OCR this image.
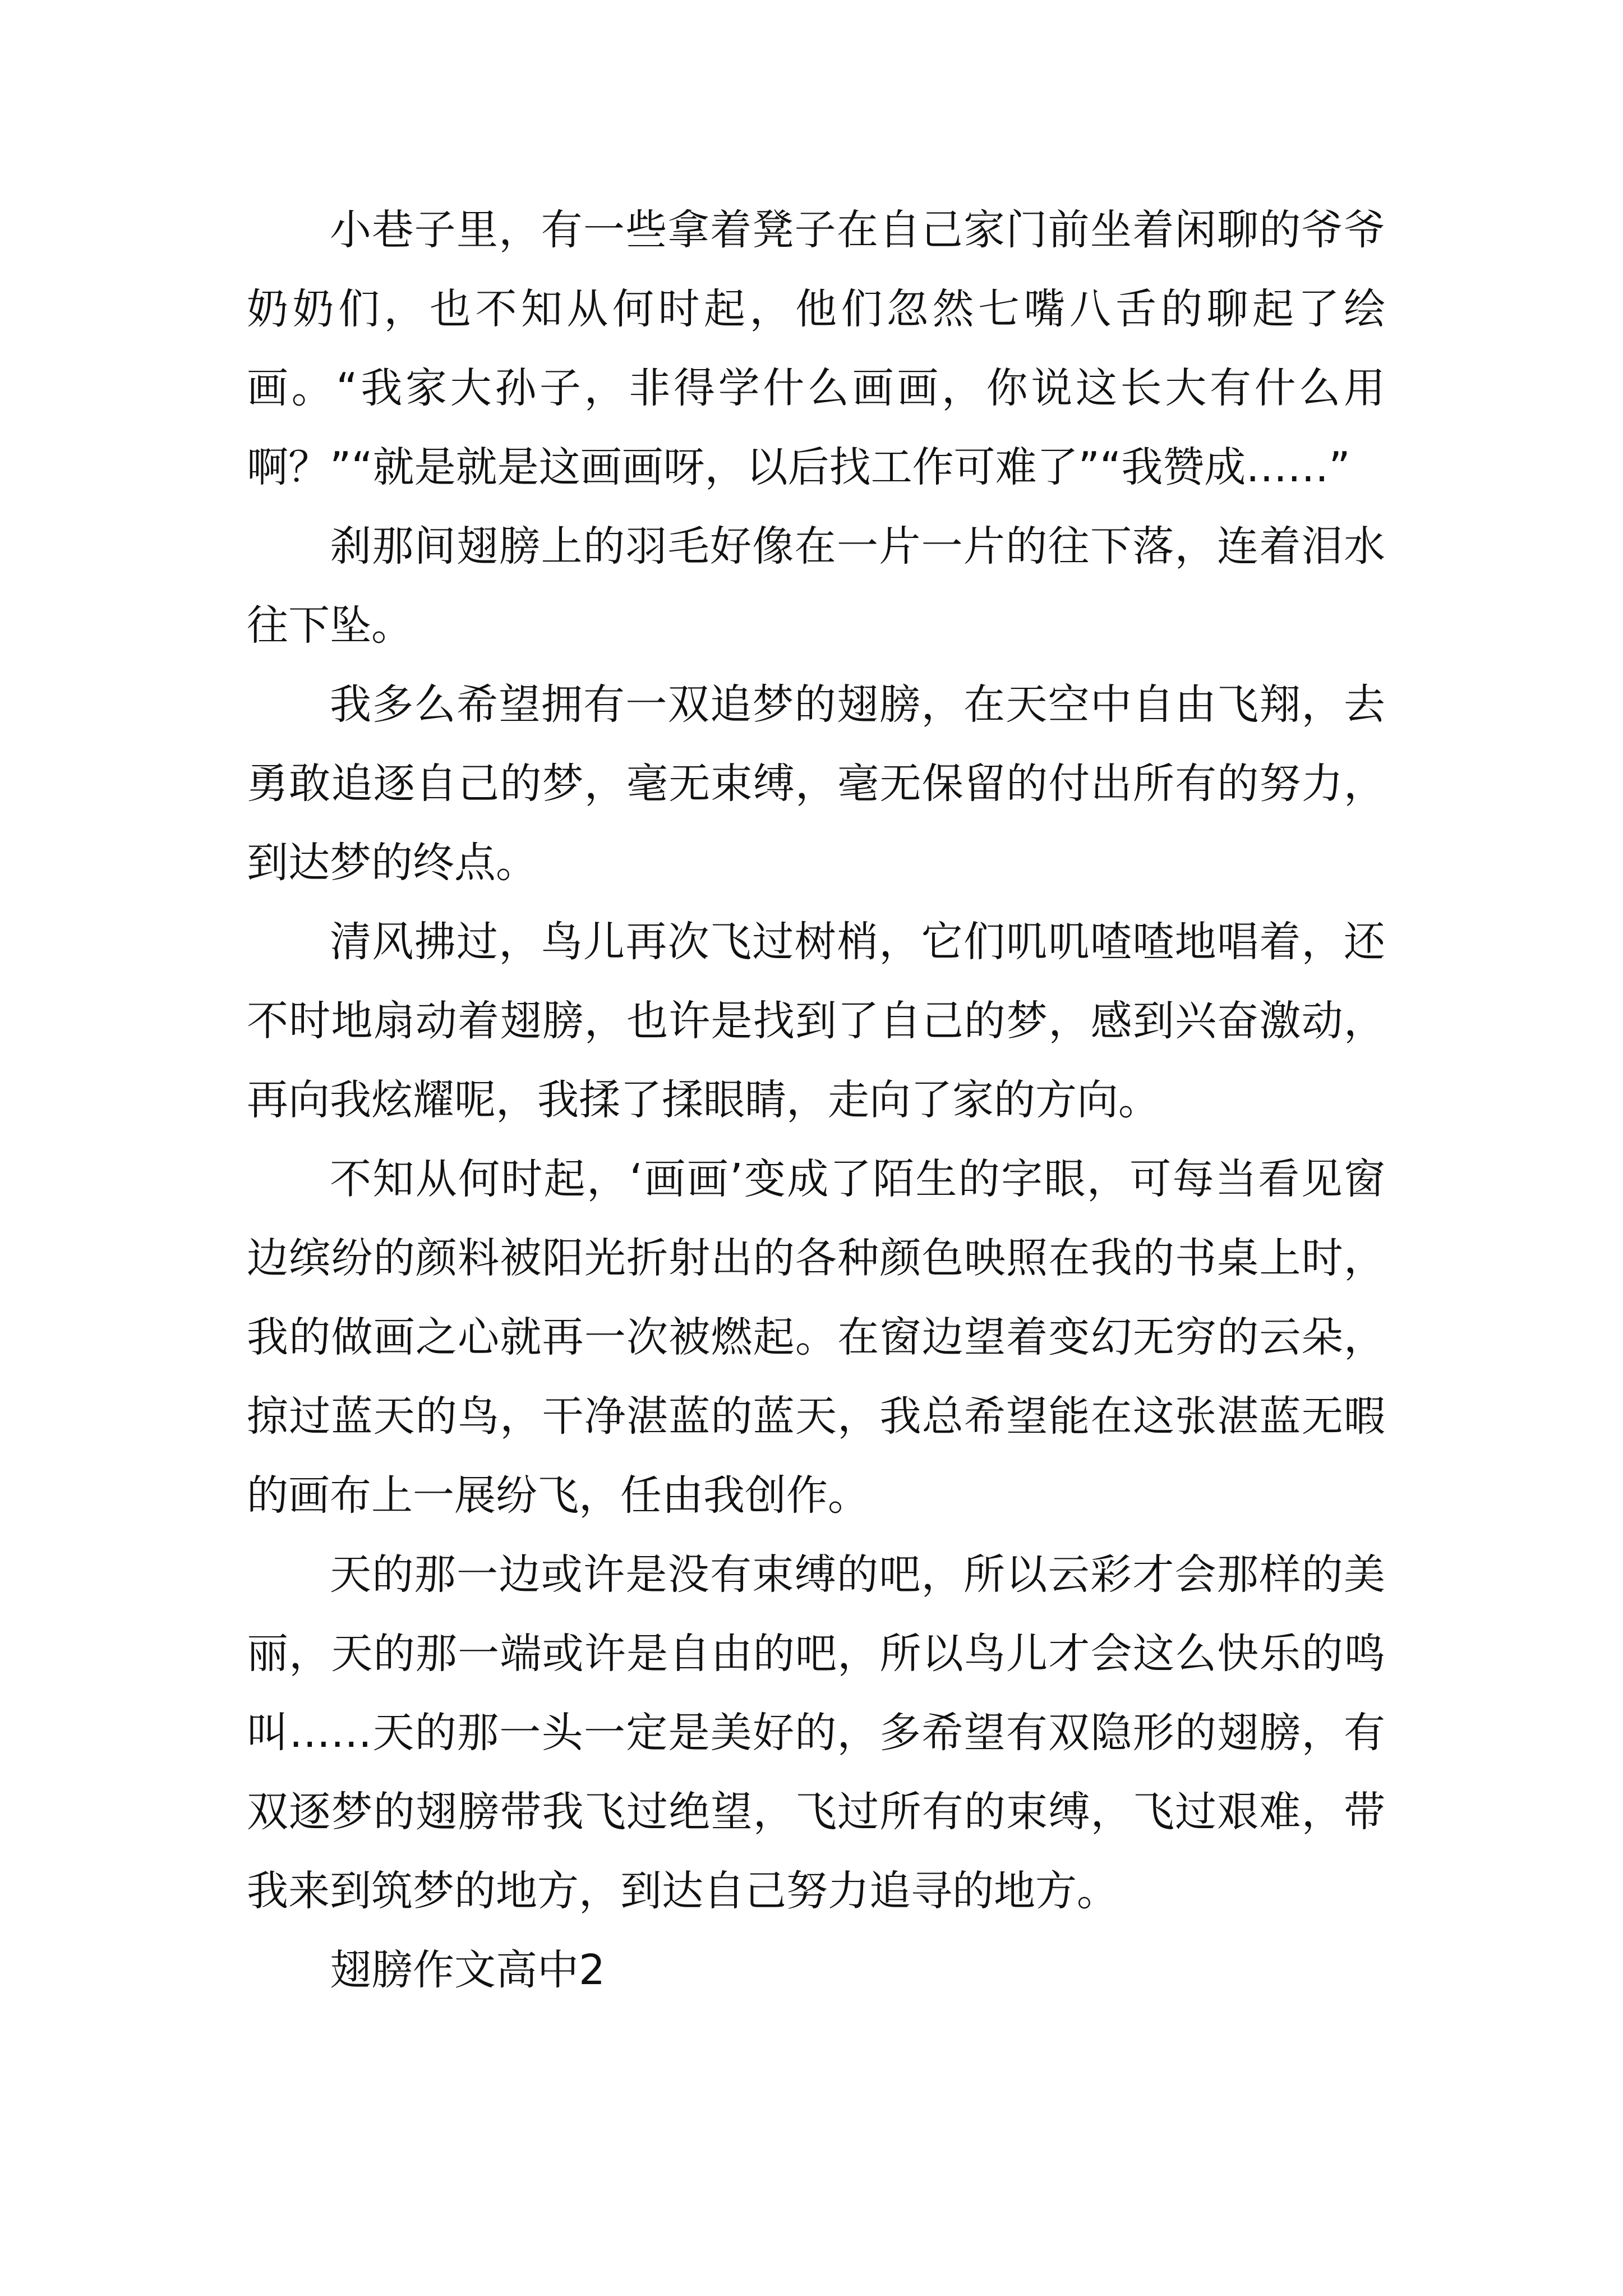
小巷子里，有一些拿着凳子在自己家门前坐着闲聊的爷爷奶奶们，也不知从何时起，他们忽然七嘴八舌的聊起了绘画。“我家大孙子，非得学什么画画，你说这长大有什么用啊？”“就是就是这画画呀，以后找工作可难了”“我赞成……”

刹那间翅膀上的羽毛好像在一片一片的往下落，连着泪水往下坠。

我多么希望拥有一双追梦的翅膀，在天空中自由飞翔，去勇敢追逐自己的梦，毫无束缚，毫无保留的付出所有的努力，到达梦的终点。

清风拂过，鸟儿再次飞过树梢，它们叽叽喳喳地唱着，还不时地扇动着翅膀，也许是找到了自己的梦，感到兴奋激动，再向我炫耀呢，我揉了揉眼睛，走向了家的方向。

不知从何时起，‘画画’变成了陌生的字眼，可每当看见窗边缤纷的颜料被阳光折射出的各种颜色映照在我的书桌上时，我的做画之心就再一次被燃起。在窗边望着变幻无穷的云朵，掠过蓝天的鸟，干净湛蓝的蓝天，我总希望能在这张湛蓝无暇的画布上一展纷飞，任由我创作。

天的那一边或许是没有束缚的吧，所以云彩才会那样的美丽，天的那一端或许是自由的吧，所以鸟儿才会这么快乐的鸣叫……天的那一头一定是美好的，多希望有双隐形的翅膀，有双逐梦的翅膀带我飞过绝望，飞过所有的束缚，飞过艰难，带我来到筑梦的地方，到达自己努力追寻的地方。

翅膀作文高中2
